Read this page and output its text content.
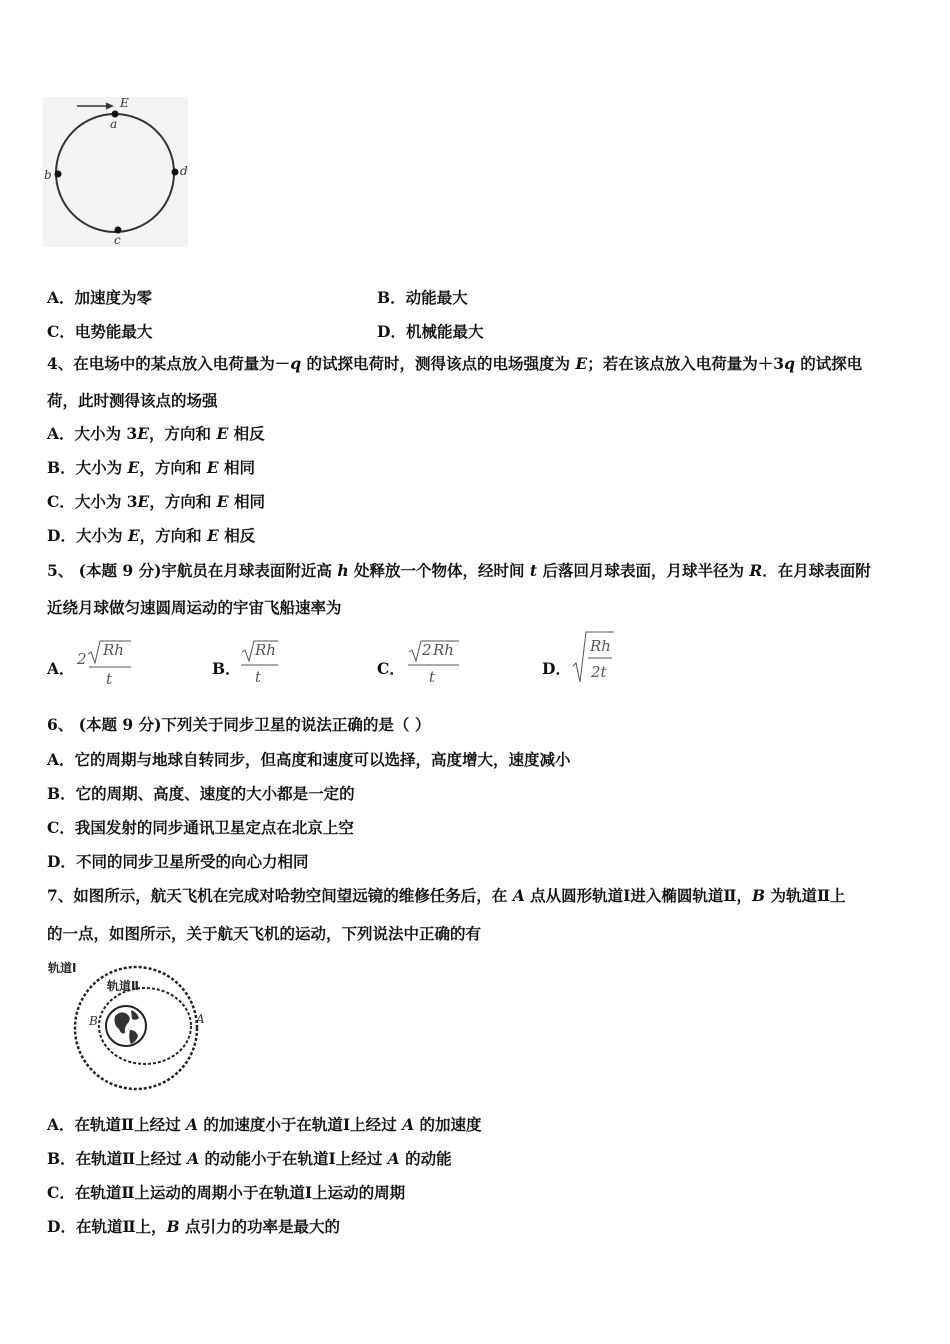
E
a
b
c
d
A．加速度为零	B．动能最大
C．电势能最大	D．机械能最大
4、在电场中的某点放入电荷量为－q 的试探电荷时，测得该点的电场强度为 E；若在该点放入电荷量为＋3q 的试探电
荷，此时测得该点的场强
A．大小为 3E，方向和 E 相反
B．大小为 E，方向和 E 相同
C．大小为 3E，方向和 E 相同
D．大小为 E，方向和 E 相反
5、 (本题 9 分)宇航员在月球表面附近高 h 处释放一个物体，经时间 t 后落回月球表面，月球半径为 R．在月球表面附
近绕月球做匀速圆周运动的宇宙飞船速率为
A． 2 Rh
t
B．
Rh
t	C．
2 Rh
t	D．
Rh
2t
6、 (本题 9 分)下列关于同步卫星的说法正确的是（ ）
A．它的周期与地球自转同步，但高度和速度可以选择，高度增大，速度减小
B．它的周期、高度、速度的大小都是一定的
C．我国发射的同步通讯卫星定点在北京上空
D．不同的同步卫星所受的向心力相同
7、如图所示，航天飞机在完成对哈勃空间望远镜的维修任务后，在 A 点从圆形轨道Ⅰ进入椭圆轨道Ⅱ，B 为轨道Ⅱ上
的一点，如图所示，关于航天飞机的运动，下列说法中正确的有
轨道Ⅰ
轨道Ⅱ
B	A
A．在轨道Ⅱ上经过 A 的加速度小于在轨道Ⅰ上经过 A 的加速度
B．在轨道Ⅱ上经过 A 的动能小于在轨道Ⅰ上经过 A 的动能
C．在轨道Ⅱ上运动的周期小于在轨道Ⅰ上运动的周期
D．在轨道Ⅱ上，B 点引力的功率是最大的
